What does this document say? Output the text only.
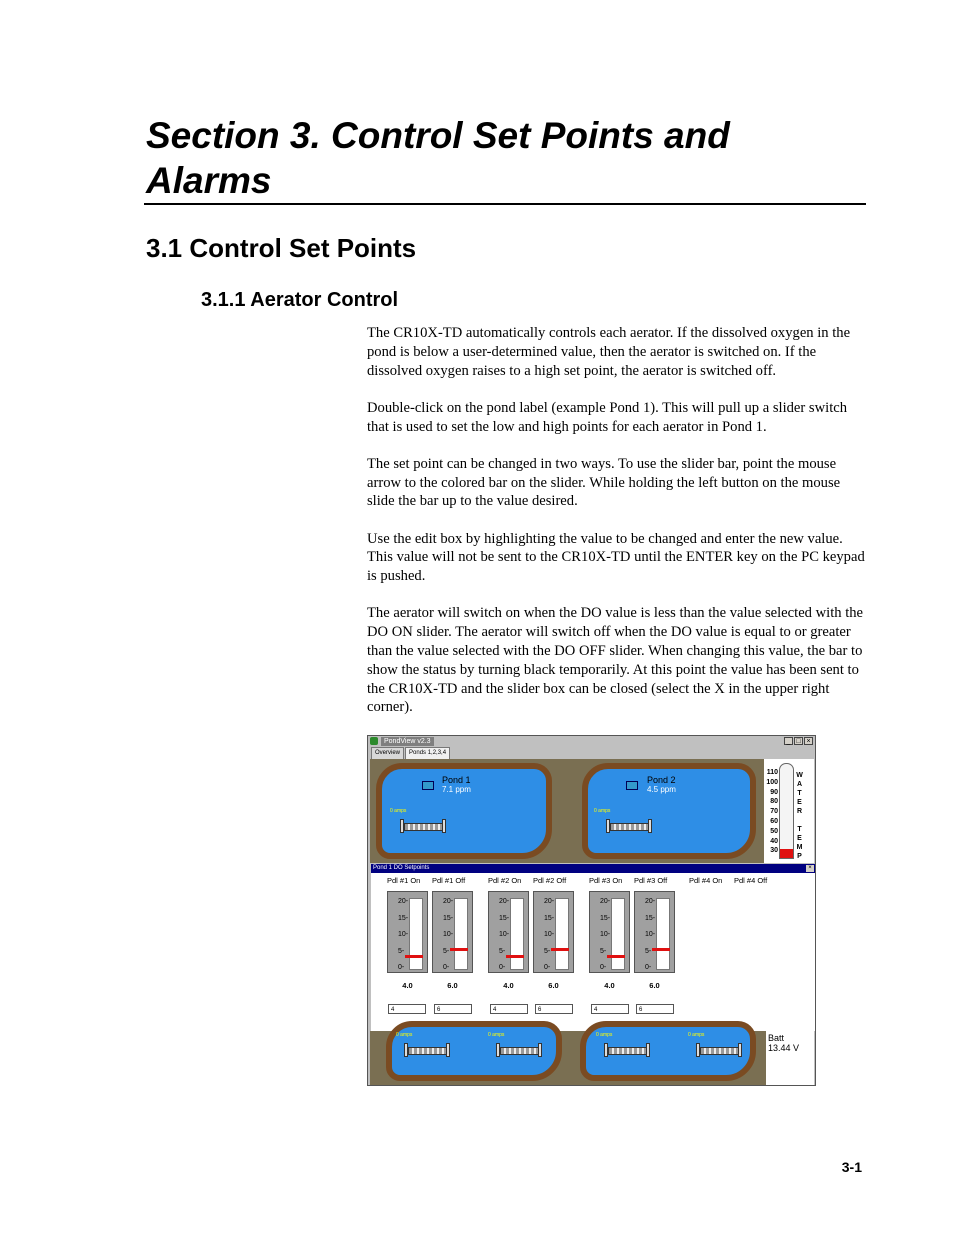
Section 3. Control Set Points and Alarms
3.1 Control Set Points
3.1.1 Aerator Control

The CR10X-TD automatically controls each aerator. If the dissolved oxygen in the pond is below a user-determined value, then the aerator is switched on. If the dissolved oxygen raises to a high set point, the aerator is switched off.

Double-click on the pond label (example Pond 1). This will pull up a slider switch that is used to set the low and high points for each aerator in Pond 1.

The set point can be changed in two ways. To use the slider bar, point the mouse arrow to the colored bar on the slider. While holding the left button on the mouse slide the bar up to the value desired.

Use the edit box by highlighting the value to be changed and enter the new value. This value will not be sent to the CR10X-TD until the ENTER key on the PC keypad is pushed.

The aerator will switch on when the DO value is less than the value selected with the DO ON slider. The aerator will switch off when the DO value is equal to or greater than the value selected with the DO OFF slider. When changing this value, the bar to show the status by turning black temporarily. At this point the value has been sent to the CR10X-TD and the slider box can be closed (select the X in the upper right corner).

PondView v2.3	_ □ ×
Overview	Ponds 1,2,3,4
Pond 1
7.1 ppm
0 amps
Pond 2
4.5 ppm
0 amps
110
100
90
80
70
60
50
40
30
W
A
T
E
R

T
E
M
P
Pond 1 DO Setpoints	×
Pdl #1 On Pdl #1 Off	Pdl #2 On Pdl #2 Off	Pdl #3 On Pdl #3 Off	Pdl #4 On Pdl #4 Off
20-
15-
10-
5-
0-
4.0
20-
15-
10-
5-
0-
6.0
20-
15-
10-
5-
0-
4.0
20-
15-
10-
5-
0-
6.0
20-
15-
10-
5-
0-
4.0
20-
15-
10-
5-
0-
6.0
4	6	4	6	4	6
0 amps	0 amps	0 amps	0 amps	Batt
13.44 V
3-1
